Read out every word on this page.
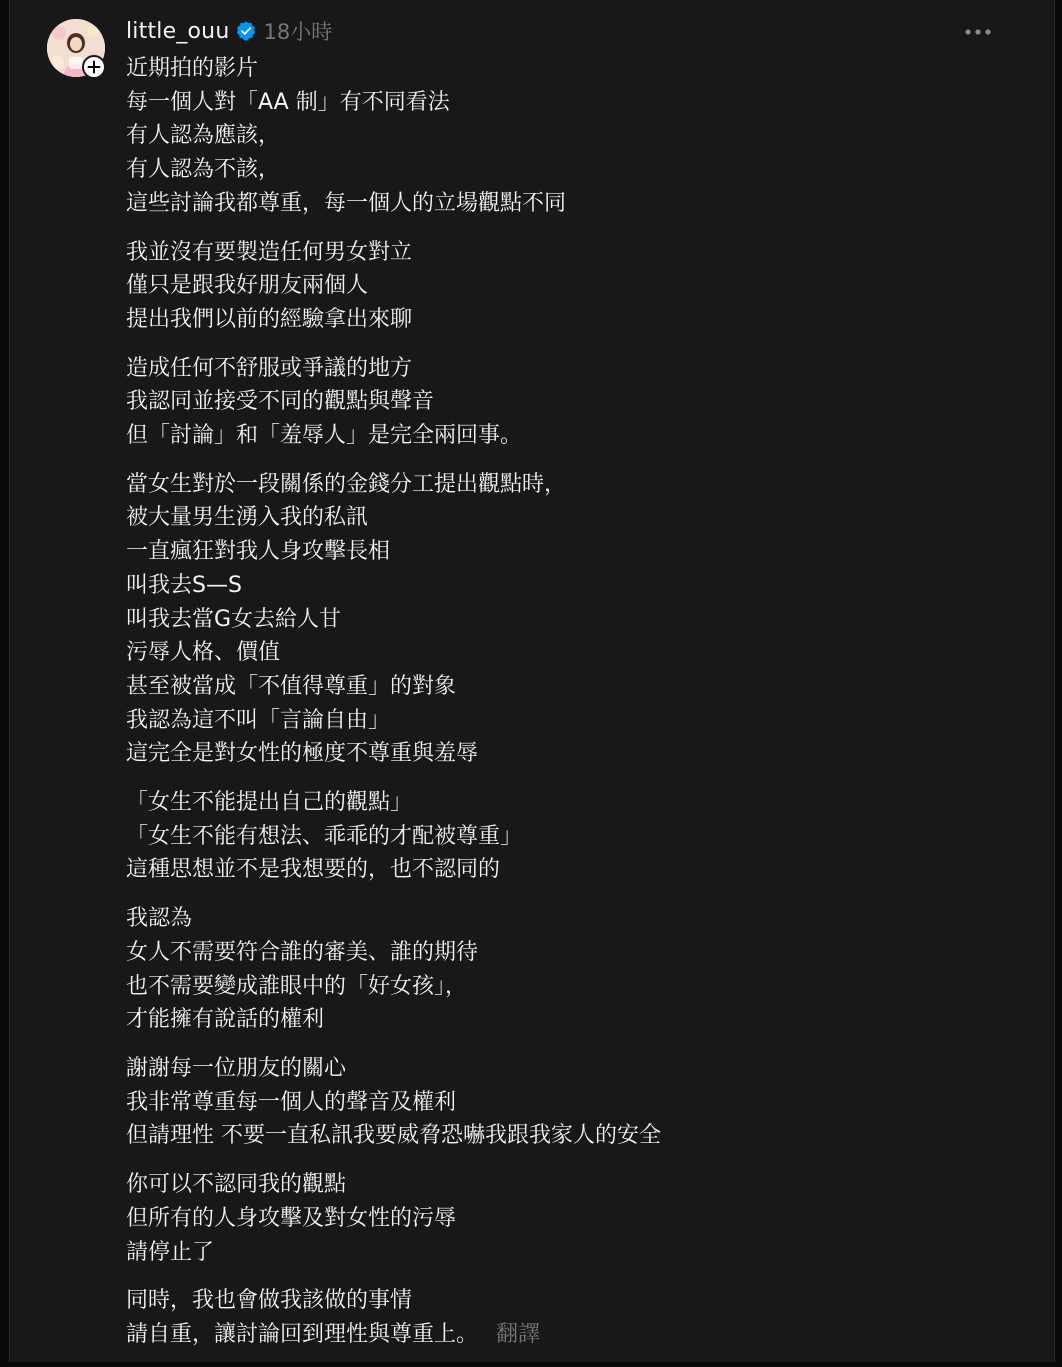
little_ouu 18小時
近期拍的影片
每一個人對「AA 制」有不同看法
有人認為應該，
有人認為不該，
這些討論我都尊重，每一個人的立場觀點不同
我並沒有要製造任何男女對立
僅只是跟我好朋友兩個人
提出我們以前的經驗拿出來聊
造成任何不舒服或爭議的地方
我認同並接受不同的觀點與聲音
但「討論」和「羞辱人」是完全兩回事。
當女生對於一段關係的金錢分工提出觀點時，
被大量男生湧入我的私訊
一直瘋狂對我人身攻擊長相
叫我去S—S
叫我去當G女去給人甘
污辱人格、價值
甚至被當成「不值得尊重」的對象
我認為這不叫「言論自由」
這完全是對女性的極度不尊重與羞辱
「女生不能提出自己的觀點」
「女生不能有想法、乖乖的才配被尊重」
這種思想並不是我想要的，也不認同的
我認為
女人不需要符合誰的審美、誰的期待
也不需要變成誰眼中的「好女孩」，
才能擁有說話的權利
謝謝每一位朋友的關心
我非常尊重每一個人的聲音及權利
但請理性 不要一直私訊我要威脅恐嚇我跟我家人的安全
你可以不認同我的觀點
但所有的人身攻擊及對女性的污辱
請停止了
同時，我也會做我該做的事情
請自重，讓討論回到理性與尊重上。 翻譯
